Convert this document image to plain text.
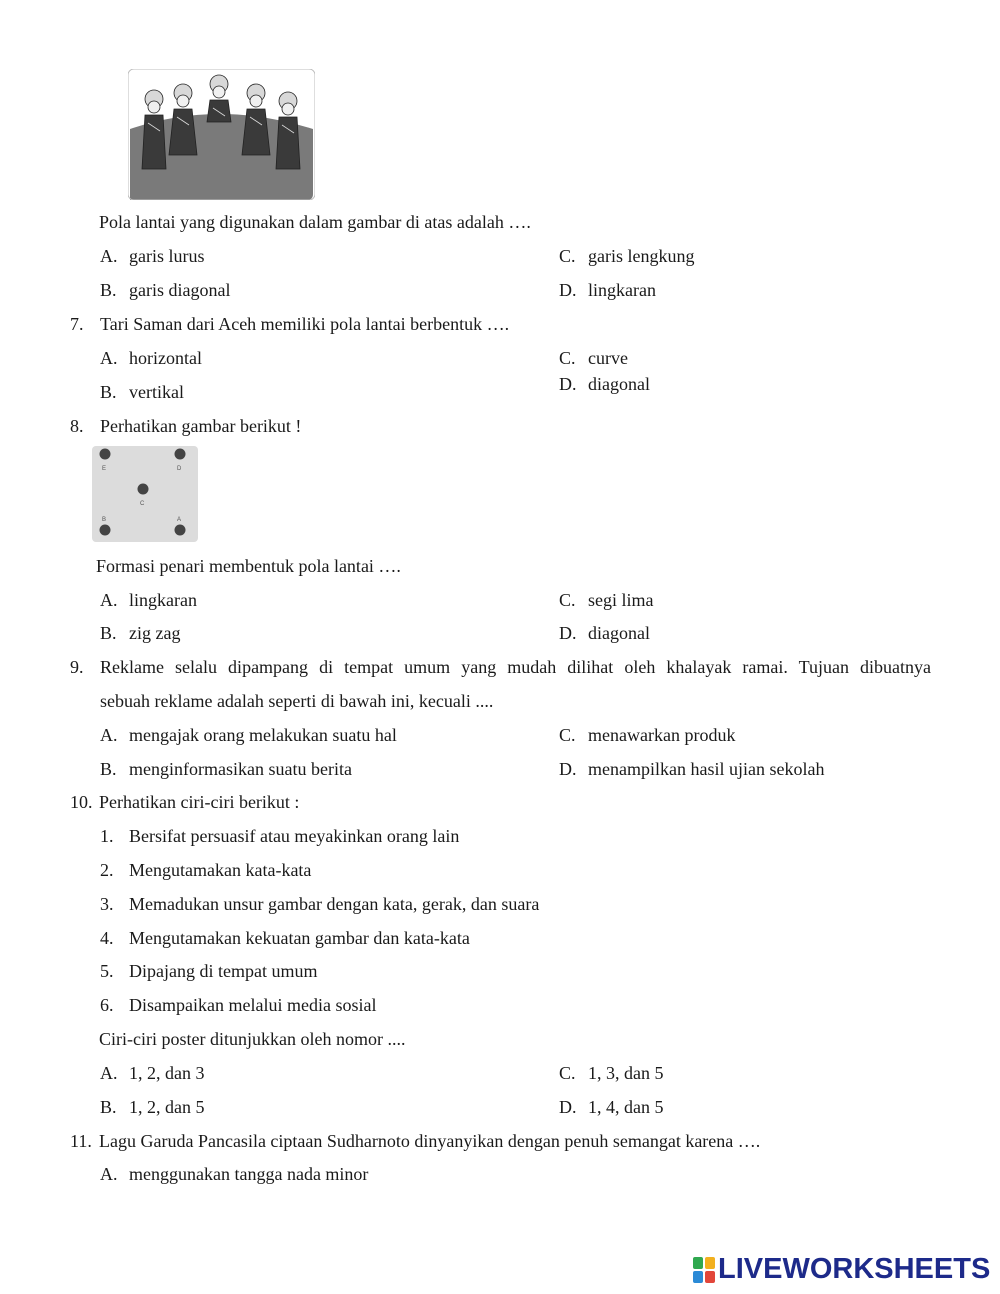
Pola lantai yang digunakan dalam gambar di atas adalah ….
A. garis lurus	C. garis lengkung
B. garis diagonal	D. lingkaran
7. Tari Saman dari Aceh memiliki pola lantai berbentuk ….
A. horizontal	C. curve
B. vertikal	D. diagonal
8. Perhatikan gambar berikut !
E	D
C
B	A
Formasi penari membentuk pola lantai ….
A. lingkaran	C. segi lima
B. zig zag	D. diagonal
9. Reklame selalu dipampang di tempat umum yang mudah dilihat oleh khalayak ramai. Tujuan dibuatnya
sebuah reklame adalah seperti di bawah ini, kecuali ....
A. mengajak orang melakukan suatu hal	C. menawarkan produk
B. menginformasikan suatu berita	D. menampilkan hasil ujian sekolah
10. Perhatikan ciri-ciri berikut :
1. Bersifat persuasif atau meyakinkan orang lain
2. Mengutamakan kata-kata
3. Memadukan unsur gambar dengan kata, gerak, dan suara
4. Mengutamakan kekuatan gambar dan kata-kata
5. Dipajang di tempat umum
6. Disampaikan melalui media sosial
Ciri-ciri poster ditunjukkan oleh nomor ....
A. 1, 2, dan 3	C. 1, 3, dan 5
B. 1, 2, dan 5	D. 1, 4, dan 5
11. Lagu Garuda Pancasila ciptaan Sudharnoto dinyanyikan dengan penuh semangat karena ….
A. menggunakan tangga nada minor
LIVEWORKSHEETS
